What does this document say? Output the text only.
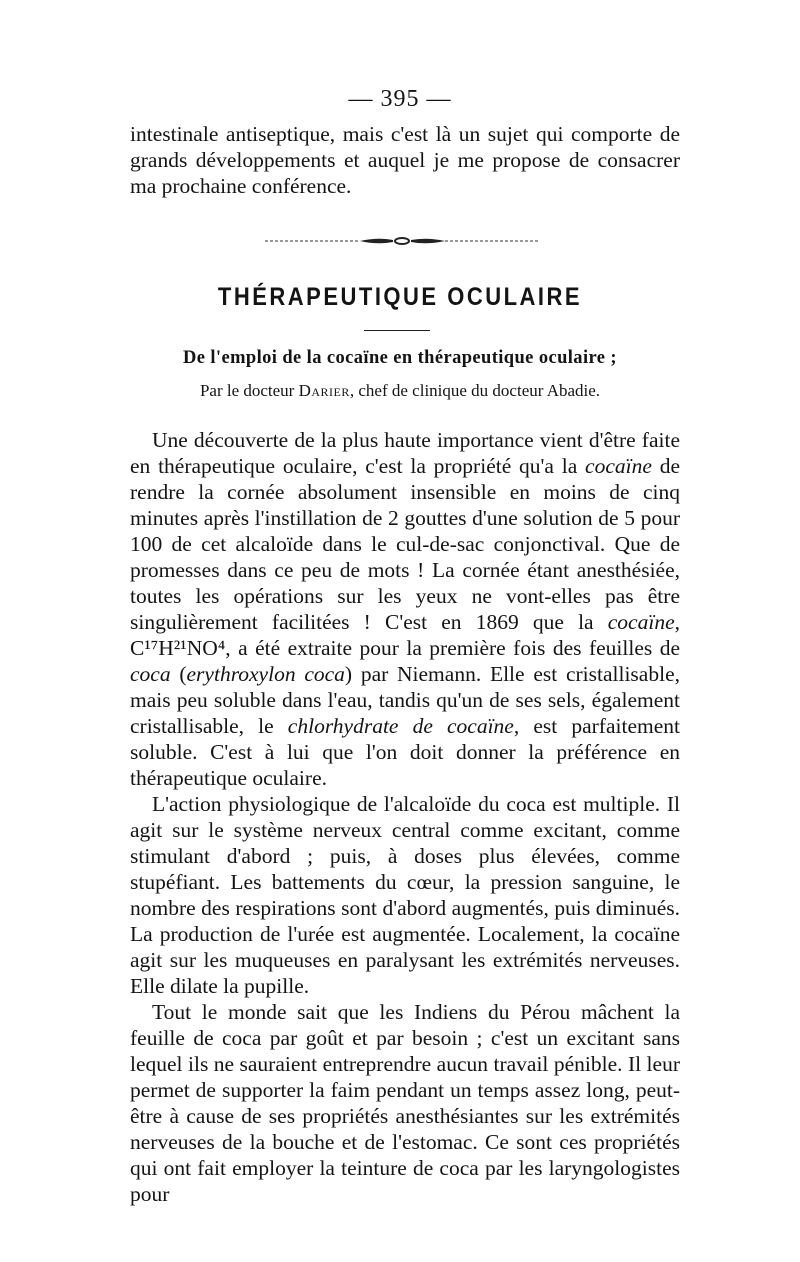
— 395 —

intestinale antiseptique, mais c'est là un sujet qui comporte de grands développements et auquel je me propose de consacrer ma prochaine conférence.

THÉRAPEUTIQUE OCULAIRE
De l'emploi de la cocaïne en thérapeutique oculaire ;
Par le docteur Darier, chef de clinique du docteur Abadie.

Une découverte de la plus haute importance vient d'être faite en thérapeutique oculaire, c'est la propriété qu'a la cocaïne de rendre la cornée absolument insensible en moins de cinq minutes après l'instillation de 2 gouttes d'une solution de 5 pour 100 de cet alcaloïde dans le cul-de-sac conjonctival. Que de promesses dans ce peu de mots ! La cornée étant anesthésiée, toutes les opérations sur les yeux ne vont-elles pas être singulièrement facilitées ! C'est en 1869 que la cocaïne, C¹⁷H²¹NO⁴, a été extraite pour la première fois des feuilles de coca (erythroxylon coca) par Niemann. Elle est cristallisable, mais peu soluble dans l'eau, tandis qu'un de ses sels, également cristallisable, le chlorhydrate de cocaïne, est parfaitement soluble. C'est à lui que l'on doit donner la préférence en thérapeutique oculaire.

L'action physiologique de l'alcaloïde du coca est multiple. Il agit sur le système nerveux central comme excitant, comme stimulant d'abord ; puis, à doses plus élevées, comme stupéfiant. Les battements du cœur, la pression sanguine, le nombre des respirations sont d'abord augmentés, puis diminués. La production de l'urée est augmentée. Localement, la cocaïne agit sur les muqueuses en paralysant les extrémités nerveuses. Elle dilate la pupille.

Tout le monde sait que les Indiens du Pérou mâchent la feuille de coca par goût et par besoin ; c'est un excitant sans lequel ils ne sauraient entreprendre aucun travail pénible. Il leur permet de supporter la faim pendant un temps assez long, peut-être à cause de ses propriétés anesthésiantes sur les extrémités nerveuses de la bouche et de l'estomac. Ce sont ces propriétés qui ont fait employer la teinture de coca par les laryngologistes pour
